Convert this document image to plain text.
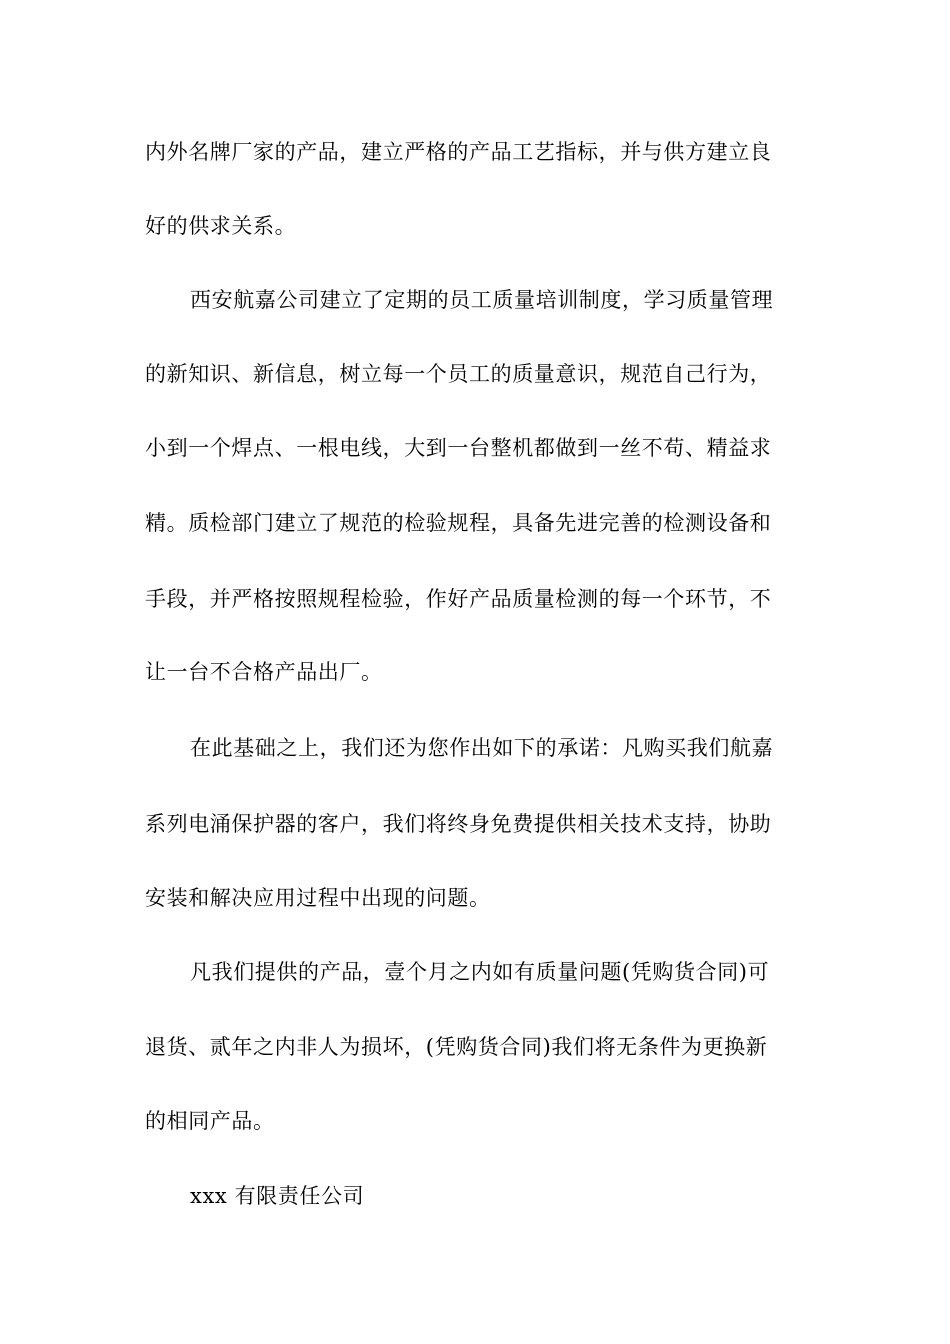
内外名牌厂家的产品，建立严格的产品工艺指标，并与供方建立良
好的供求关系。
西安航嘉公司建立了定期的员工质量培训制度，学习质量管理
的新知识、新信息，树立每一个员工的质量意识，规范自己行为，
小到一个焊点、一根电线，大到一台整机都做到一丝不苟、精益求
精。质检部门建立了规范的检验规程，具备先进完善的检测设备和
手段，并严格按照规程检验，作好产品质量检测的每一个环节，不
让一台不合格产品出厂。
在此基础之上，我们还为您作出如下的承诺：凡购买我们航嘉
系列电涌保护器的客户，我们将终身免费提供相关技术支持，协助
安装和解决应用过程中出现的问题。
凡我们提供的产品，壹个月之内如有质量问题(凭购货合同)可
退货、贰年之内非人为损坏，(凭购货合同)我们将无条件为更换新
的相同产品。
xxx 有限责任公司
